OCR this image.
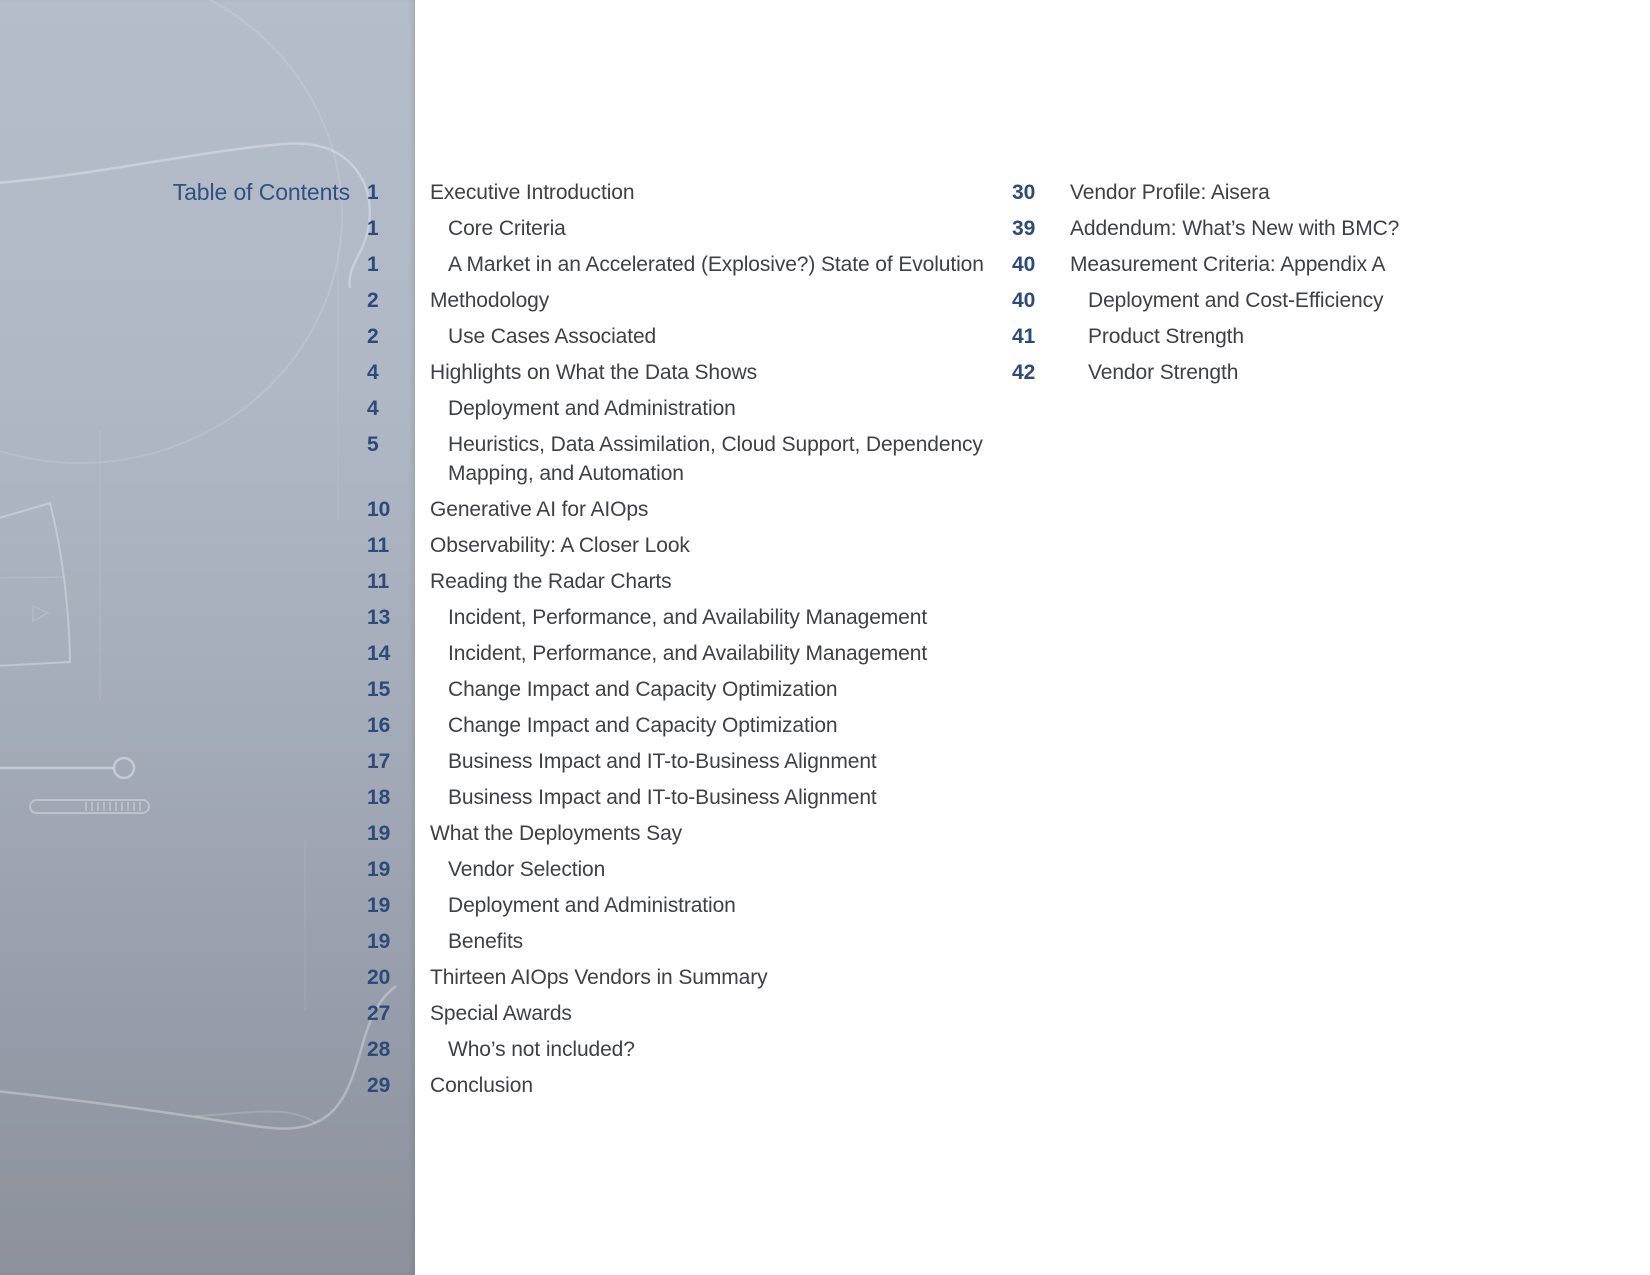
Table of Contents 1	Executive Introduction
1	Core Criteria
1	A Market in an Accelerated (Explosive?) State of Evolution
2	Methodology
2	Use Cases Associated
4	Highlights on What the Data Shows
4	Deployment and Administration
5	Heuristics, Data Assimilation, Cloud Support, Dependency Mapping, and Automation
10	Generative AI for AIOps
11	Observability: A Closer Look
11	Reading the Radar Charts
13	Incident, Performance, and Availability Management
14	Incident, Performance, and Availability Management
15	Change Impact and Capacity Optimization
16	Change Impact and Capacity Optimization
17	Business Impact and IT-to-Business Alignment
18	Business Impact and IT-to-Business Alignment
19	What the Deployments Say
19	Vendor Selection
19	Deployment and Administration
19	Benefits
20	Thirteen AIOps Vendors in Summary
27	Special Awards
28	Who’s not included?
29	Conclusion
30	Vendor Profile: Aisera
39	Addendum: What’s New with BMC?
40	Measurement Criteria: Appendix A
40	Deployment and Cost-Efficiency
41	Product Strength
42	Vendor Strength
